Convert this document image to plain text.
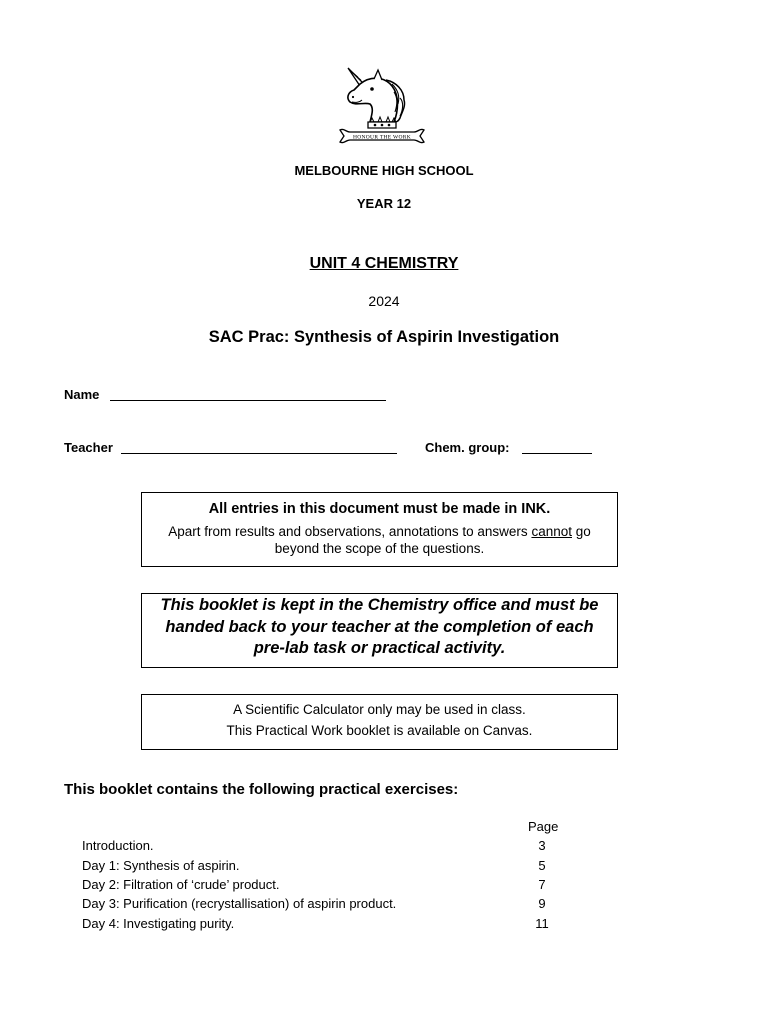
HONOUR THE WORK
MELBOURNE HIGH SCHOOL
YEAR 12
UNIT 4 CHEMISTRY
2024
SAC Prac: Synthesis of Aspirin Investigation
Name
Teacher	Chem. group:
All entries in this document must be made in INK.
Apart from results and observations, annotations to answers cannot go beyond the scope of the questions.
This booklet is kept in the Chemistry office and must be handed back to your teacher at the completion of each pre-lab task or practical activity.
A Scientific Calculator only may be used in class.
This Practical Work booklet is available on Canvas.
This booklet contains the following practical exercises:
Page
Introduction.	3
Day 1: Synthesis of aspirin.	5
Day 2: Filtration of ‘crude’ product.	7
Day 3: Purification (recrystallisation) of aspirin product.	9
Day 4: Investigating purity.	11
